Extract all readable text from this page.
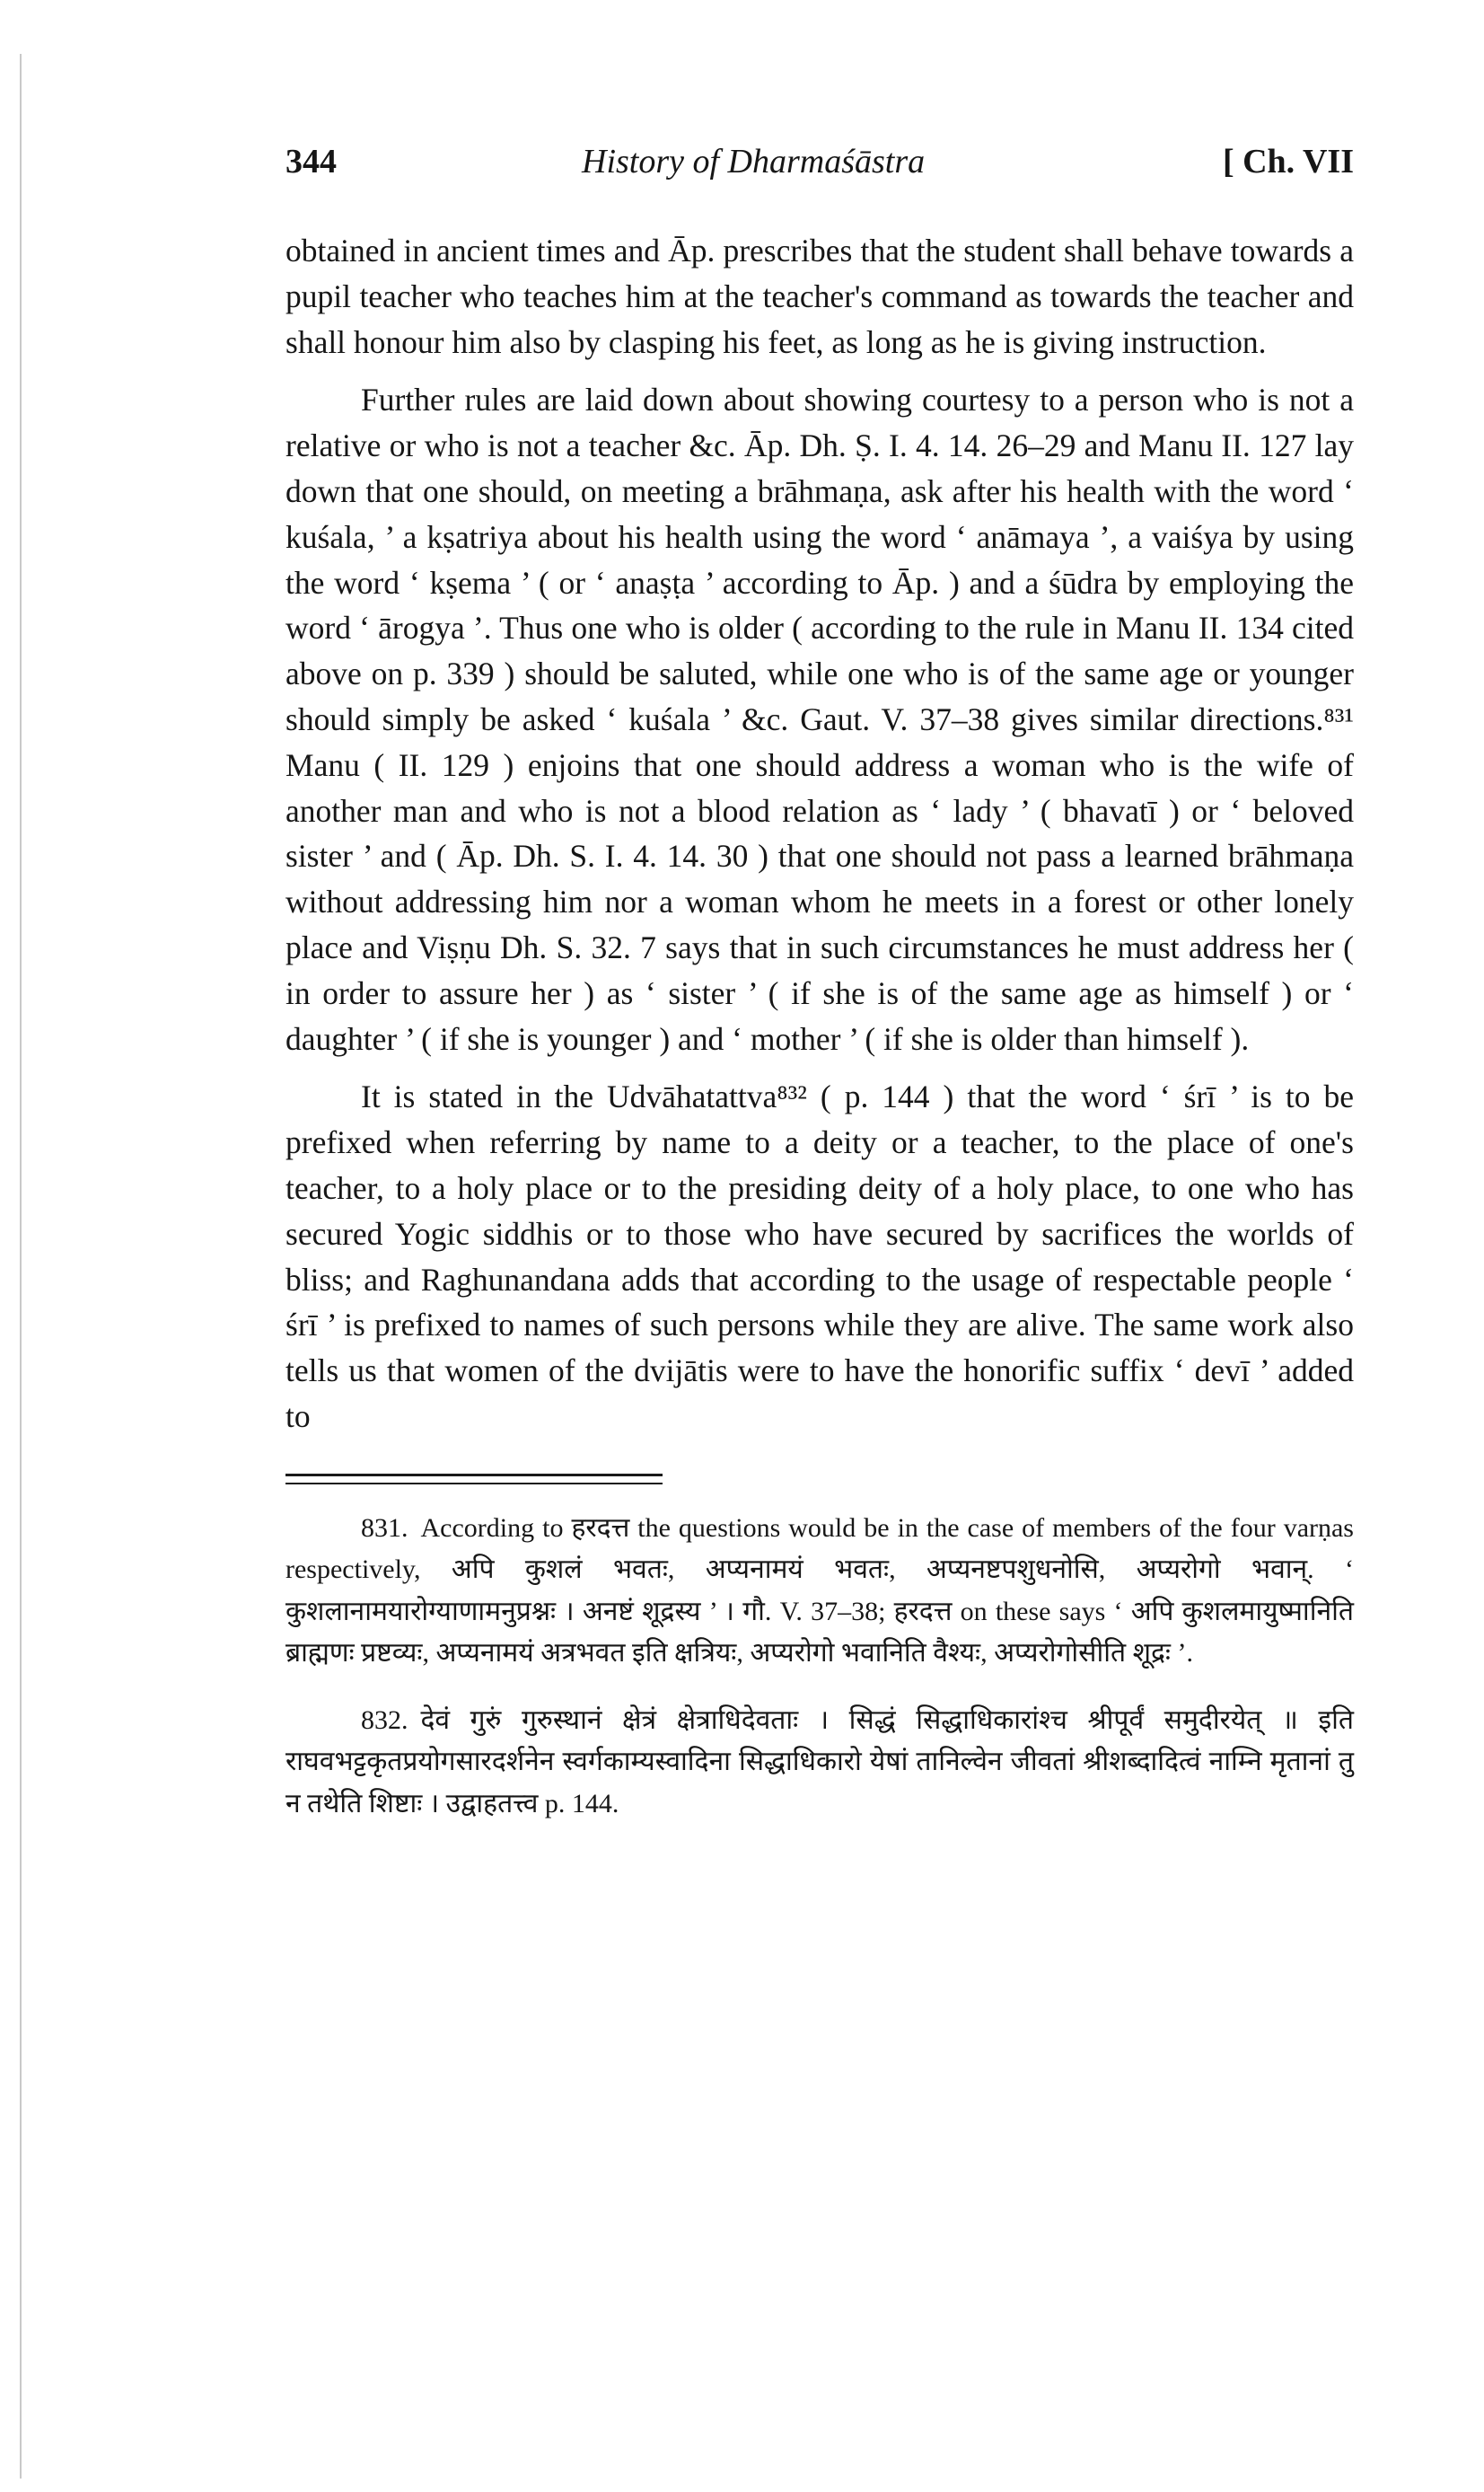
344	History of Dharmaśāstra	[ Ch. VII

obtained in ancient times and Āp. prescribes that the student shall behave towards a pupil teacher who teaches him at the teacher's command as towards the teacher and shall honour him also by clasping his feet, as long as he is giving instruction.

Further rules are laid down about showing courtesy to a person who is not a relative or who is not a teacher &c. Āp. Dh. Ṣ. I. 4. 14. 26–29 and Manu II. 127 lay down that one should, on meeting a brāhmaṇa, ask after his health with the word ‘ kuśala, ’ a kṣatriya about his health using the word ‘ anāmaya ’, a vaiśya by using the word ‘ kṣema ’ ( or ‘ anaṣṭa ’ according to Āp. ) and a śūdra by employing the word ‘ ārogya ’. Thus one who is older ( according to the rule in Manu II. 134 cited above on p. 339 ) should be saluted, while one who is of the same age or younger should simply be asked ‘ kuśala ’ &c. Gaut. V. 37–38 gives similar directions.⁸³¹ Manu ( II. 129 ) enjoins that one should address a woman who is the wife of another man and who is not a blood relation as ‘ lady ’ ( bhavatī ) or ‘ beloved sister ’ and ( Āp. Dh. S. I. 4. 14. 30 ) that one should not pass a learned brāhmaṇa without addressing him nor a woman whom he meets in a forest or other lonely place and Viṣṇu Dh. S. 32. 7 says that in such circumstances he must address her ( in order to assure her ) as ‘ sister ’ ( if she is of the same age as himself ) or ‘ daughter ’ ( if she is younger ) and ‘ mother ’ ( if she is older than himself ).

It is stated in the Udvāhatattva⁸³² ( p. 144 ) that the word ‘ śrī ’ is to be prefixed when referring by name to a deity or a teacher, to the place of one's teacher, to a holy place or to the presiding deity of a holy place, to one who has secured Yogic siddhis or to those who have secured by sacrifices the worlds of bliss; and Raghunandana adds that according to the usage of respectable people ‘ śrī ’ is prefixed to names of such persons while they are alive. The same work also tells us that women of the dvijātis were to have the honorific suffix ‘ devī ’ added to

831. According to हरदत्त the questions would be in the case of members of the four varṇas respectively, अपि कुशलं भवतः, अप्यनामयं भवतः, अप्यनष्टपशुधनोसि, अप्यरोगो भवान्. ‘ कुशलानामयारोग्याणामनुप्रश्नः । अनष्टं शूद्रस्य ’ । गौ. V. 37–38; हरदत्त on these says ‘ अपि कुशलमायुष्मानिति ब्राह्मणः प्रष्टव्यः, अप्यनामयं अत्रभवत इति क्षत्रियः, अप्यरोगो भवानिति वैश्यः, अप्यरोगोसीति शूद्रः ’.

832. देवं गुरुं गुरुस्थानं क्षेत्रं क्षेत्राधिदेवताः । सिद्धं सिद्धाधिकारांश्च श्रीपूर्वं समुदीरयेत् ॥ इति राघवभट्टकृतप्रयोगसारदर्शनेन स्वर्गकाम्यस्वादिना सिद्धाधिकारो येषां तानिल्वेन जीवतां श्रीशब्दादित्वं नाम्नि मृतानां तु न तथेति शिष्टाः । उद्वाहतत्त्व p. 144.
